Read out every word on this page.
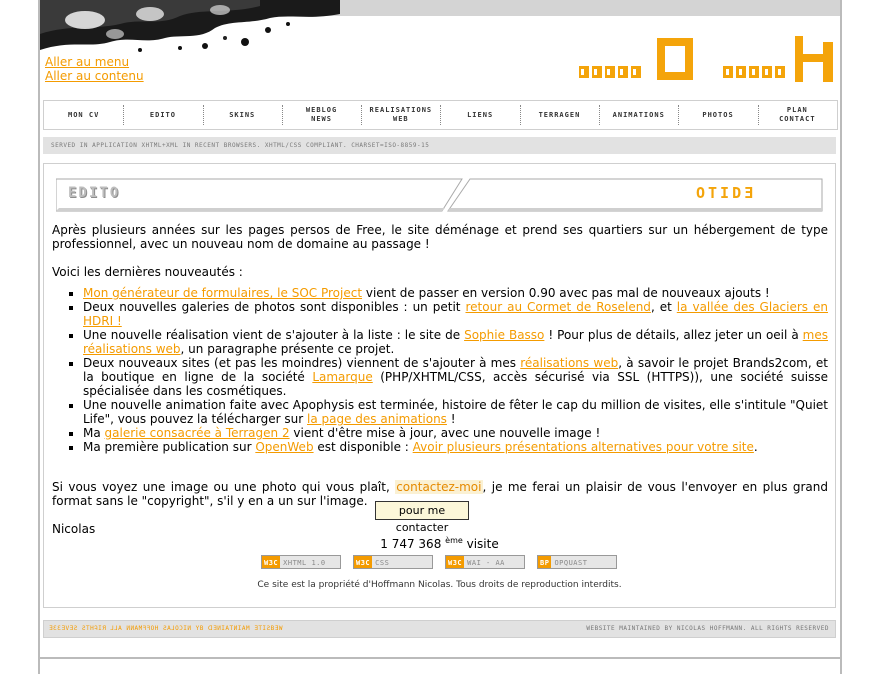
Aller au menu
Aller au contenu
MON CV	EDITO	SKINS
WEBLOG
NEWS
REALISATIONS
WEB
LIENS	TERRAGEN	ANIMATIONS	PHOTOS
PLAN
CONTACT
SERVED IN APPLICATION XHTML+XML IN RECENT BROWSERS. XHTML/CSS COMPLIANT. CHARSET=ISO-8859-15
EDITO	OTIDƎ

Après plusieurs années sur les pages persos de Free, le site déménage et prend ses quartiers sur un hébergement de type professionnel, avec un nouveau nom de domaine au passage !

Voici les dernières nouveautés :

▪ Mon générateur de formulaires, le SOC Project vient de passer en version 0.90 avec pas mal de nouveaux ajouts !
▪ Deux nouvelles galeries de photos sont disponibles : un petit retour au Cormet de Roselend, et la vallée des Glaciers en HDRI !
▪ Une nouvelle réalisation vient de s'ajouter à la liste : le site de Sophie Basso ! Pour plus de détails, allez jeter un oeil à mes réalisations web, un paragraphe présente ce projet.
▪ Deux nouveaux sites (et pas les moindres) viennent de s'ajouter à mes réalisations web, à savoir le projet Brands2com, et la boutique en ligne de la société Lamarque (PHP/XHTML/CSS, accès sécurisé via SSL (HTTPS)), une société suisse spécialisée dans les cosmétiques.
▪ Une nouvelle animation faite avec Apophysis est terminée, histoire de fêter le cap du million de visites, elle s'intitule "Quiet Life", vous pouvez la télécharger sur la page des animations !
▪ Ma galerie consacrée à Terragen 2 vient d'être mise à jour, avec une nouvelle image !
▪ Ma première publication sur OpenWeb est disponible : Avoir plusieurs présentations alternatives pour votre site.

Si vous voyez une image ou une photo qui vous plaît, contactez-moi, je me ferai un plaisir de vous l'envoyer en plus grand format sans le "copyright", s'il y en a un sur l'image.

Nicolas

pour me contacter
1 747 368 $^{ème}$ visite
W3C XHTML 1.0	W3C CSS	W3C WAI - AA	BP OPQUAST
Ce site est la propriété d'Hoffmann Nicolas. Tous droits de reproduction interdits.
ƎƐƐƎVƎƧ ƧTHᎸIЯ ⅃⅃A ИИAMꟻꟻOH ƧA⅃OƆIИ YB ᗡƎИIATИIAM ƎTIƧBƎW	WEBSITE MAINTAINED BY NICOLAS HOFFMANN. ALL RIGHTS RESERVED
